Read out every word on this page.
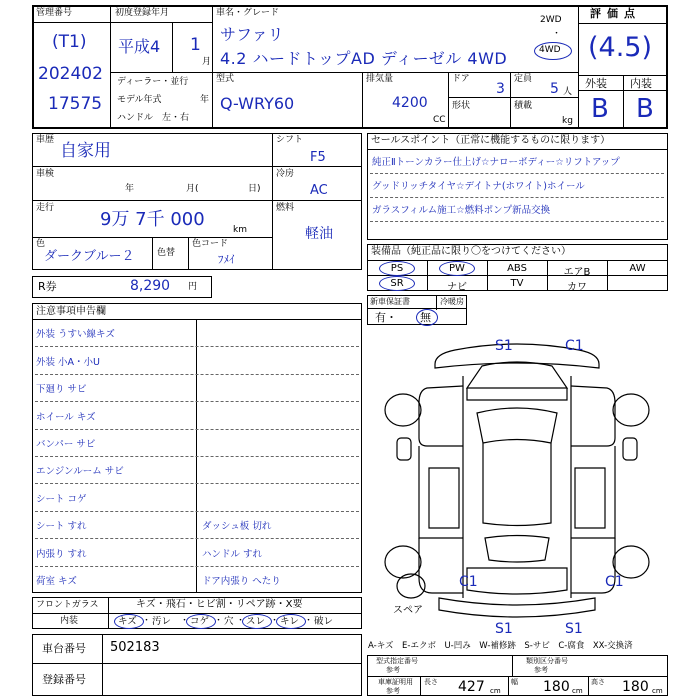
管理番号
(T1)
202402
17575
初度登録年月
平成4 1
月
ディーラー・並行
モデル年式	年
ハンドル　左・右
車名・グレード
サファリ
4.2 ハードトップAD ディーゼル 4WD
2WD
・
4WD
型式
Q-WRY60
排気量
4200
CC
ドア
3
定員
5 人
形状	積載
kg
評価点
(4.5)
外装 内装
B B
車歴
自家用
車検
年	月(	日)
走行
9万 7千 000	km
色
ダークブルー２	色替
色コード
ﾌﾒｲ
シフト
F5
冷房
AC
燃料
軽油
R券	8,290 円
セールスポイント（正常に機能するものに限ります）
純正Ⅱトーンカラー仕上げ☆ナローボディー☆リフトアップ
グッドリッチタイヤ☆デイトナ(ホワイト)ホイール
ガラスフィルム施工☆燃料ポンプ新品交換
装備品（純正品に限り〇をつけてください）
PS	PW	ABS	エアB	AW
SR	ナビ	TV	カワ
新車保証書	冷暖房
有・ 無
注意事項申告欄
外装 うすい線キズ
外装 小A・小U
下廻り サビ
ホイール キズ
バンパー サビ
エンジンルーム サビ
シート コゲ
シート すれ	ダッシュ板 切れ
内張り すれ	ハンドル すれ
荷室 キズ	ドア内張り へたり
フロントガラス	キズ・飛石・ヒビ割・リペア跡・X要
内装	キズ ・ 汚レ ・ コゲ ・ 穴 ・ スレ ・ キレ ・ 破レ
車台番号 502183
登録番号
S1	C1
C1	C1
S1	S1
スペア
A-キズ　E-エクボ　U-凹み　W-補修跡　S-サビ　C-腐食　XX-交換済
型式指定番号
参考
類別区分番号
参考
車庫証明用
参考
長さ 427 cm
幅 180 cm
高さ 180 cm
